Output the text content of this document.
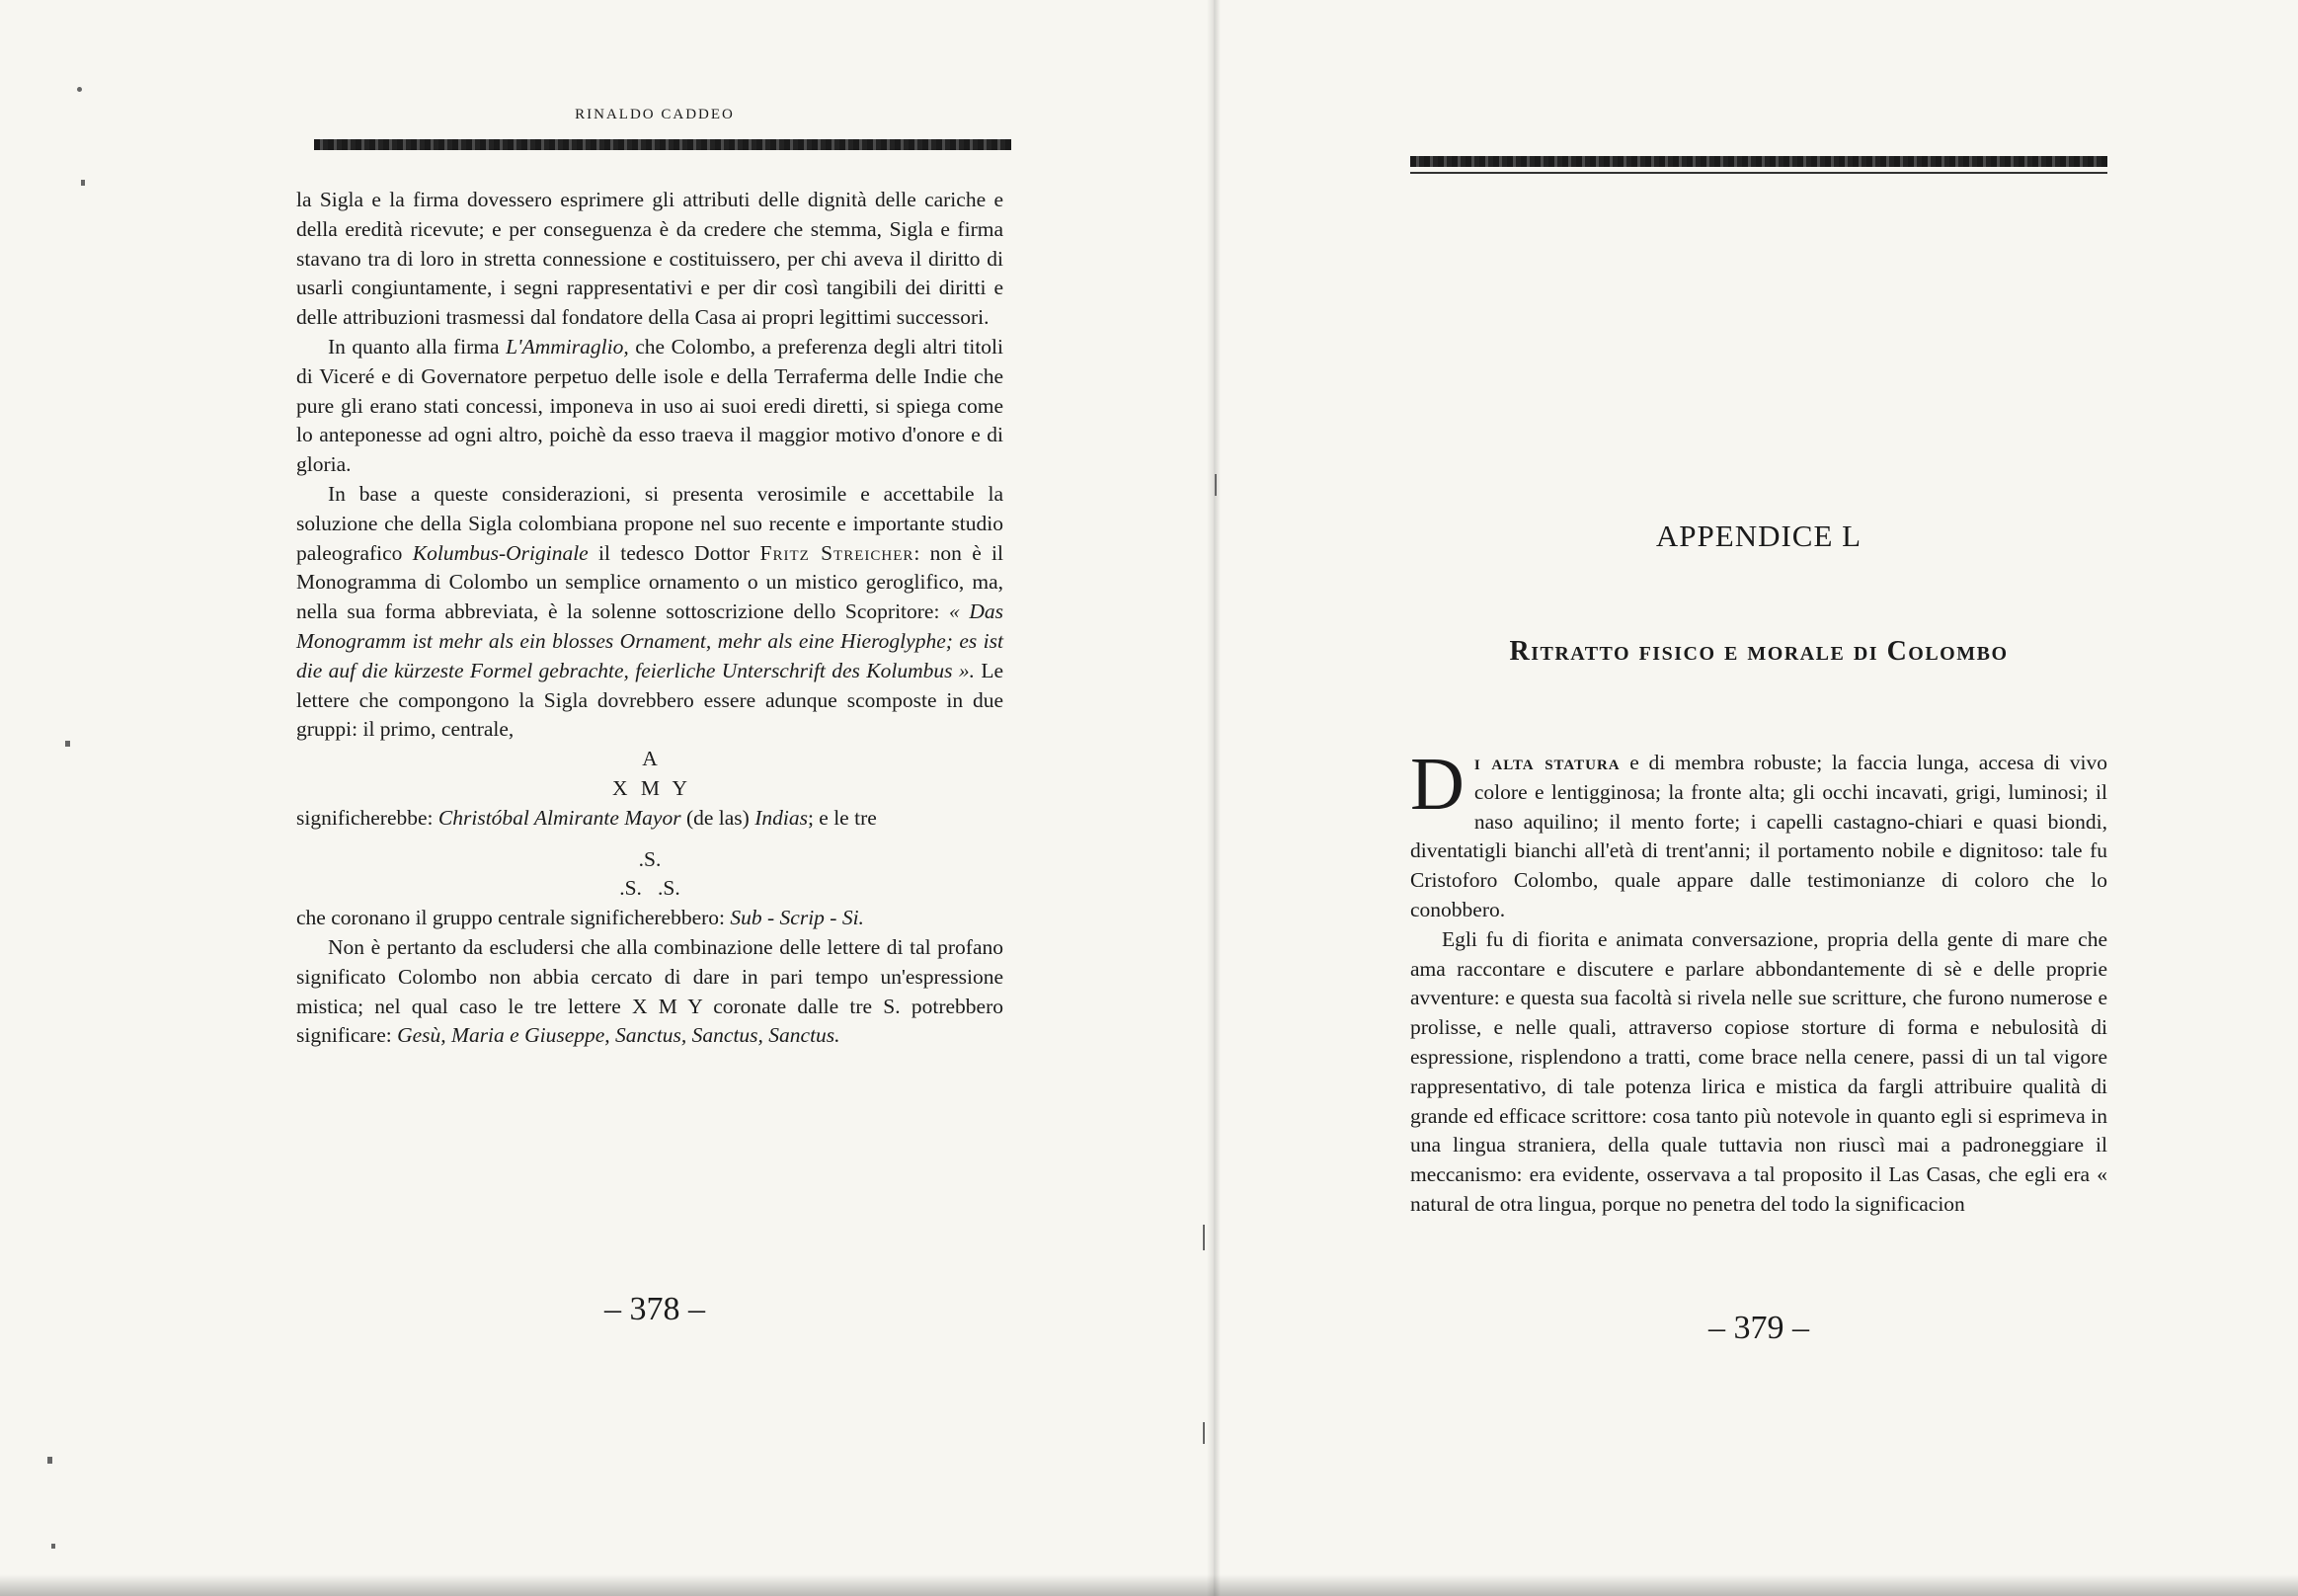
RINALDO CADDEO

la Sigla e la firma dovessero esprimere gli attributi delle dignità delle cariche e della eredità ricevute; e per conseguenza è da credere che stemma, Sigla e firma stavano tra di loro in stretta connessione e costituissero, per chi aveva il diritto di usarli congiuntamente, i segni rappresentativi e per dir così tangibili dei diritti e delle attribuzioni trasmessi dal fondatore della Casa ai propri legittimi successori.

In quanto alla firma L'Ammiraglio, che Colombo, a preferenza degli altri titoli di Viceré e di Governatore perpetuo delle isole e della Terraferma delle Indie che pure gli erano stati concessi, imponeva in uso ai suoi eredi diretti, si spiega come lo anteponesse ad ogni altro, poichè da esso traeva il maggior motivo d'onore e di gloria.

In base a queste considerazioni, si presenta verosimile e accettabile la soluzione che della Sigla colombiana propone nel suo recente e importante studio paleografico Kolumbus-Originale il tedesco Dottor Fritz Streicher: non è il Monogramma di Colombo un semplice ornamento o un mistico geroglifico, ma, nella sua forma abbreviata, è la solenne sottoscrizione dello Scopritore: « Das Monogramm ist mehr als ein blosses Ornament, mehr als eine Hieroglyphe; es ist die auf die kürzeste Formel gebrachte, feierliche Unterschrift des Kolumbus ». Le lettere che compongono la Sigla dovrebbero essere adunque scomposte in due gruppi: il primo, centrale,

A

X M Y

significherebbe: Christóbal Almirante Mayor (de las) Indias; e le tre

.S.

.S.   .S.

che coronano il gruppo centrale significherebbero: Sub - Scrip - Si.

Non è pertanto da escludersi che alla combinazione delle lettere di tal profano significato Colombo non abbia cercato di dare in pari tempo un'espressione mistica; nel qual caso le tre lettere X M Y coronate dalle tre S. potrebbero significare: Gesù, Maria e Giuseppe, Sanctus, Sanctus, Sanctus.

– 378 –
APPENDICE L
Ritratto fisico e morale di Colombo

Di alta statura e di membra robuste; la faccia lunga, accesa di vivo colore e lentigginosa; la fronte alta; gli occhi incavati, grigi, luminosi; il naso aquilino; il mento forte; i capelli castagno-chiari e quasi biondi, diventatigli bianchi all'età di trent'anni; il portamento nobile e dignitoso: tale fu Cristoforo Colombo, quale appare dalle testimonianze di coloro che lo conobbero.

Egli fu di fiorita e animata conversazione, propria della gente di mare che ama raccontare e discutere e parlare abbondantemente di sè e delle proprie avventure: e questa sua facoltà si rivela nelle sue scritture, che furono numerose e prolisse, e nelle quali, attraverso copiose storture di forma e nebulosità di espressione, risplendono a tratti, come brace nella cenere, passi di un tal vigore rappresentativo, di tale potenza lirica e mistica da fargli attribuire qualità di grande ed efficace scrittore: cosa tanto più notevole in quanto egli si esprimeva in una lingua straniera, della quale tuttavia non riuscì mai a padroneggiare il meccanismo: era evidente, osservava a tal proposito il Las Casas, che egli era « natural de otra lingua, porque no penetra del todo la significacion

– 379 –
